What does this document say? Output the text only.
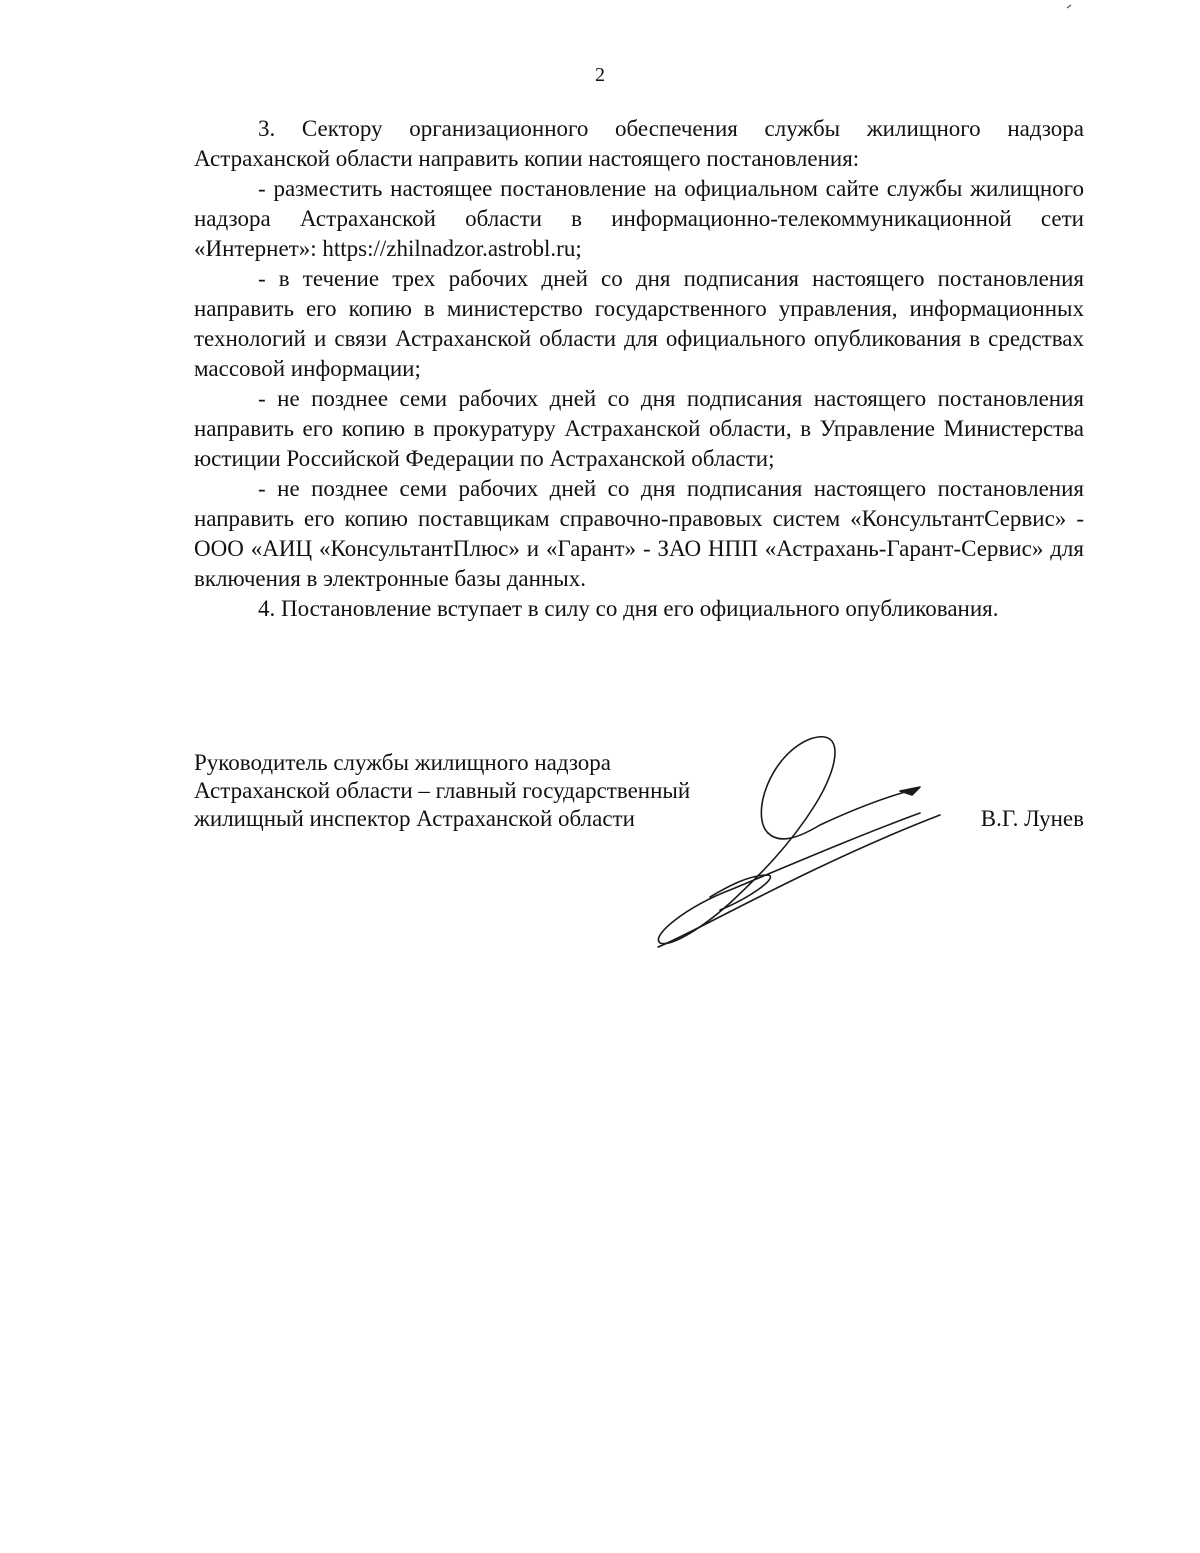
2

3. Сектору организационного обеспечения службы жилищного надзора Астраханской области направить копии настоящего постановления:

- разместить настоящее постановление на официальном сайте службы жилищного надзора Астраханской области в информационно-телекоммуникационной сети «Интернет»: https://zhilnadzor.astrobl.ru;

- в течение трех рабочих дней со дня подписания настоящего постановления направить его копию в министерство государственного управления, информационных технологий и связи Астраханской области для официального опубликования в средствах массовой информации;

- не позднее семи рабочих дней со дня подписания настоящего постановления направить его копию в прокуратуру Астраханской области, в Управление Министерства юстиции Российской Федерации по Астраханской области;

- не позднее семи рабочих дней со дня подписания настоящего постановления направить его копию поставщикам справочно-правовых систем «КонсультантСервис» - ООО «АИЦ «КонсультантПлюс» и «Гарант» - ЗАО НПП «Астрахань-Гарант-Сервис» для включения в электронные базы данных.

4. Постановление вступает в силу со дня его официального опубликования.

Руководитель службы жилищного надзора
Астраханской области – главный государственный
жилищный инспектор Астраханской области	В.Г. Лунев
